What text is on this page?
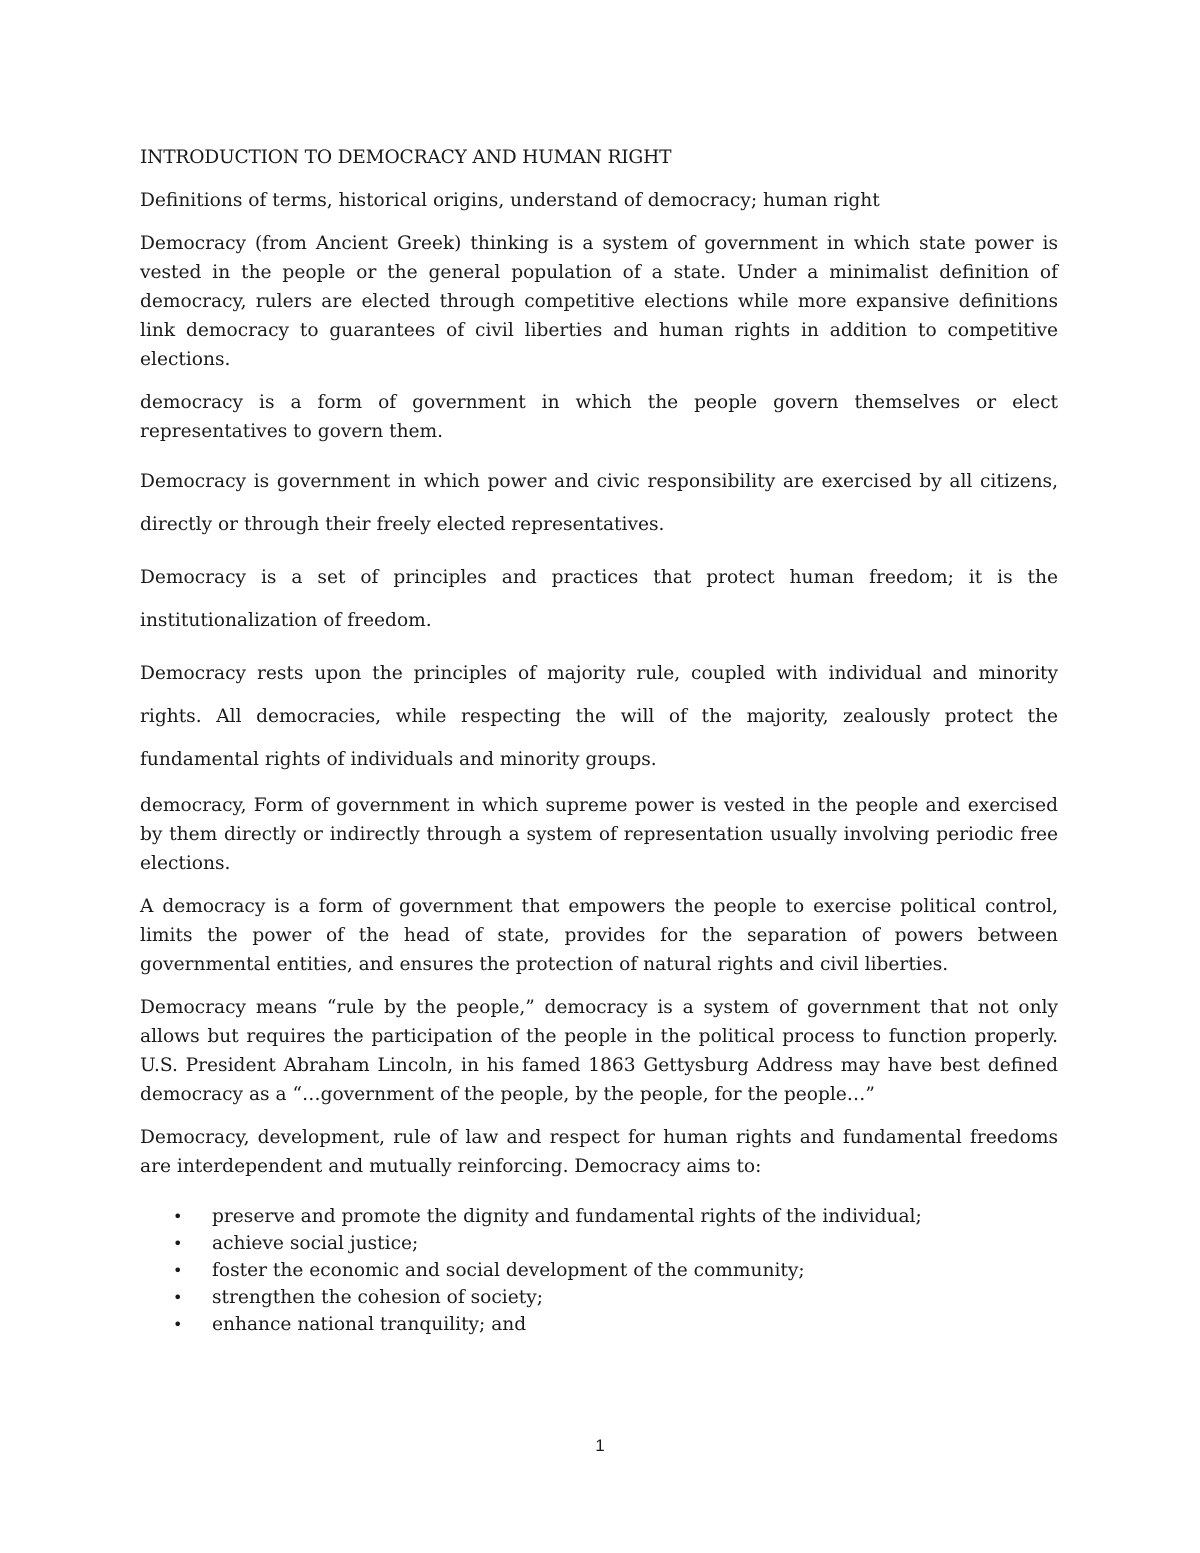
INTRODUCTION TO DEMOCRACY AND HUMAN RIGHT
Definitions of terms, historical origins, understand of democracy; human right

Democracy (from Ancient Greek) thinking is a system of government in which state power is vested in the people or the general population of a state. Under a minimalist definition of democracy, rulers are elected through competitive elections while more expansive definitions link democracy to guarantees of civil liberties and human rights in addition to competitive elections.

democracy is a form of government in which the people govern themselves or elect representatives to govern them.

Democracy is government in which power and civic responsibility are exercised by all citizens, directly or through their freely elected representatives.

Democracy is a set of principles and practices that protect human freedom; it is the institutionalization of freedom.

Democracy rests upon the principles of majority rule, coupled with individual and minority rights. All democracies, while respecting the will of the majority, zealously protect the fundamental rights of individuals and minority groups.

democracy, Form of government in which supreme power is vested in the people and exercised by them directly or indirectly through a system of representation usually involving periodic free elections.

A democracy is a form of government that empowers the people to exercise political control, limits the power of the head of state, provides for the separation of powers between governmental entities, and ensures the protection of natural rights and civil liberties.

Democracy means “rule by the people,” democracy is a system of government that not only allows but requires the participation of the people in the political process to function properly. U.S. President Abraham Lincoln, in his famed 1863 Gettysburg Address may have best defined democracy as a “…government of the people, by the people, for the people…”

Democracy, development, rule of law and respect for human rights and fundamental freedoms are interdependent and mutually reinforcing. Democracy aims to:

• preserve and promote the dignity and fundamental rights of the individual;
• achieve social justice;
• foster the economic and social development of the community;
• strengthen the cohesion of society;
• enhance national tranquility; and
1
